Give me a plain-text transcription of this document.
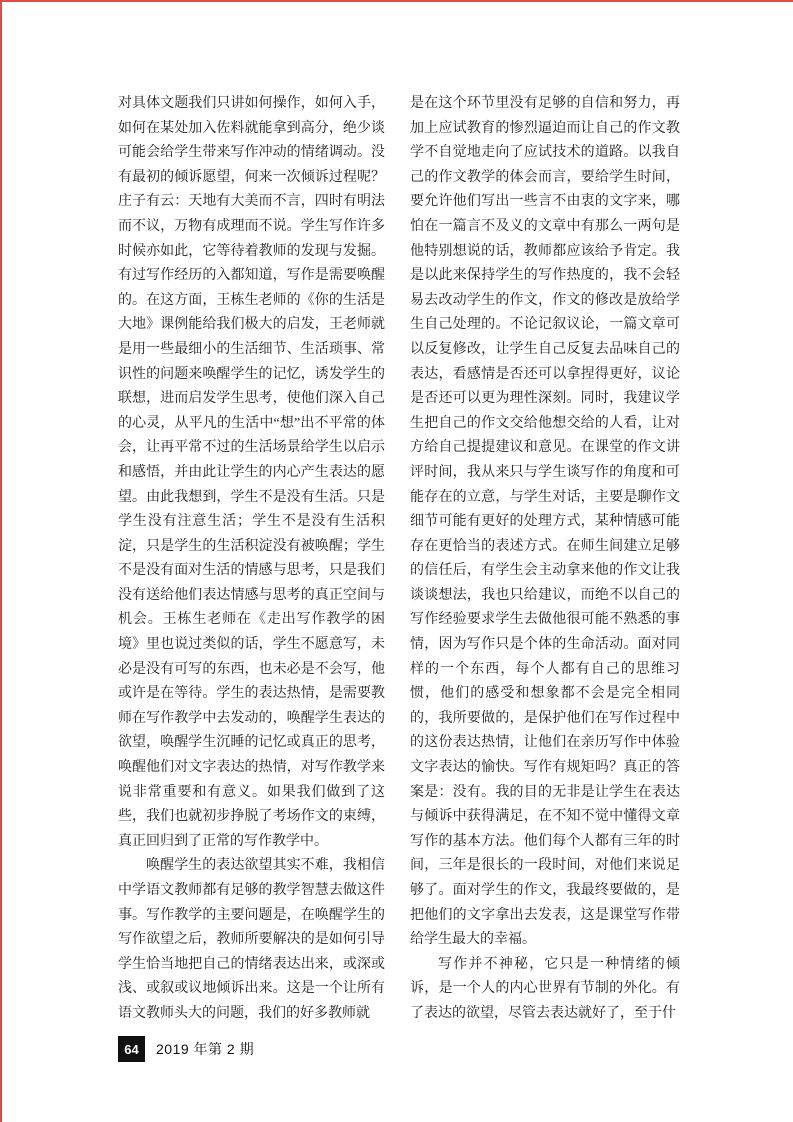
对具体文题我们只讲如何操作，如何入手，如何在某处加入佐料就能拿到高分，绝少谈可能会给学生带来写作冲动的情绪调动。没有最初的倾诉愿望，何来一次倾诉过程呢？庄子有云：天地有大美而不言，四时有明法而不议，万物有成理而不说。学生写作许多时候亦如此，它等待着教师的发现与发掘。有过写作经历的入都知道，写作是需要唤醒的。在这方面，王栋生老师的《你的生活是大地》课例能给我们极大的启发，王老师就是用一些最细小的生活细节、生活琐事、常识性的问题来唤醒学生的记忆，诱发学生的联想，进而启发学生思考，使他们深入自己的心灵，从平凡的生活中“想”出不平常的体会，让再平常不过的生活场景给学生以启示和感悟，并由此让学生的内心产生表达的愿望。由此我想到，学生不是没有生活。只是学生没有注意生活；学生不是没有生活积淀，只是学生的生活积淀没有被唤醒；学生不是没有面对生活的情感与思考，只是我们没有送给他们表达情感与思考的真正空间与机会。王栋生老师在《走出写作教学的困境》里也说过类似的话，学生不愿意写，未必是没有可写的东西，也未必是不会写，他或许是在等待。学生的表达热情，是需要教师在写作教学中去发动的，唤醒学生表达的欲望，唤醒学生沉睡的记忆或真正的思考，唤醒他们对文字表达的热情，对写作教学来说非常重要和有意义。如果我们做到了这些，我们也就初步挣脱了考场作文的束缚，真正回归到了正常的写作教学中。

唤醒学生的表达欲望其实不难，我相信中学语文教师都有足够的教学智慧去做这件事。写作教学的主要问题是，在唤醒学生的写作欲望之后，教师所要解决的是如何引导学生恰当地把自己的情绪表达出来，或深或浅、或叙或议地倾诉出来。这是一个让所有语文教师头大的问题，我们的好多教师就

是在这个环节里没有足够的自信和努力，再加上应试教育的惨烈逼迫而让自己的作文教学不自觉地走向了应试技术的道路。以我自己的作文教学的体会而言，要给学生时间，要允许他们写出一些言不由衷的文字来，哪怕在一篇言不及义的文章中有那么一两句是他特别想说的话，教师都应该给予肯定。我是以此来保持学生的写作热度的，我不会轻易去改动学生的作文，作文的修改是放给学生自己处理的。不论记叙议论，一篇文章可以反复修改，让学生自己反复去品味自己的表达，看感情是否还可以拿捏得更好，议论是否还可以更为理性深刻。同时，我建议学生把自己的作文交给他想交给的人看，让对方给自己提提建议和意见。在课堂的作文讲评时间，我从来只与学生谈写作的角度和可能存在的立意，与学生对话，主要是聊作文细节可能有更好的处理方式，某种情感可能存在更恰当的表述方式。在师生间建立足够的信任后，有学生会主动拿来他的作文让我谈谈想法，我也只给建议，而绝不以自己的写作经验要求学生去做他很可能不熟悉的事情，因为写作只是个体的生命活动。面对同样的一个东西，每个人都有自己的思维习惯，他们的感受和想象都不会是完全相同的，我所要做的，是保护他们在写作过程中的这份表达热情，让他们在亲历写作中体验文字表达的愉快。写作有规矩吗？真正的答案是：没有。我的目的无非是让学生在表达与倾诉中获得满足，在不知不觉中懂得文章写作的基本方法。他们每个人都有三年的时间，三年是很长的一段时间，对他们来说足够了。面对学生的作文，我最终要做的，是把他们的文字拿出去发表，这是课堂写作带给学生最大的幸福。

写作并不神秘，它只是一种情绪的倾诉，是一个人的内心世界有节制的外化。有了表达的欲望，尽管去表达就好了，至于什

64	2019 年第 2 期
